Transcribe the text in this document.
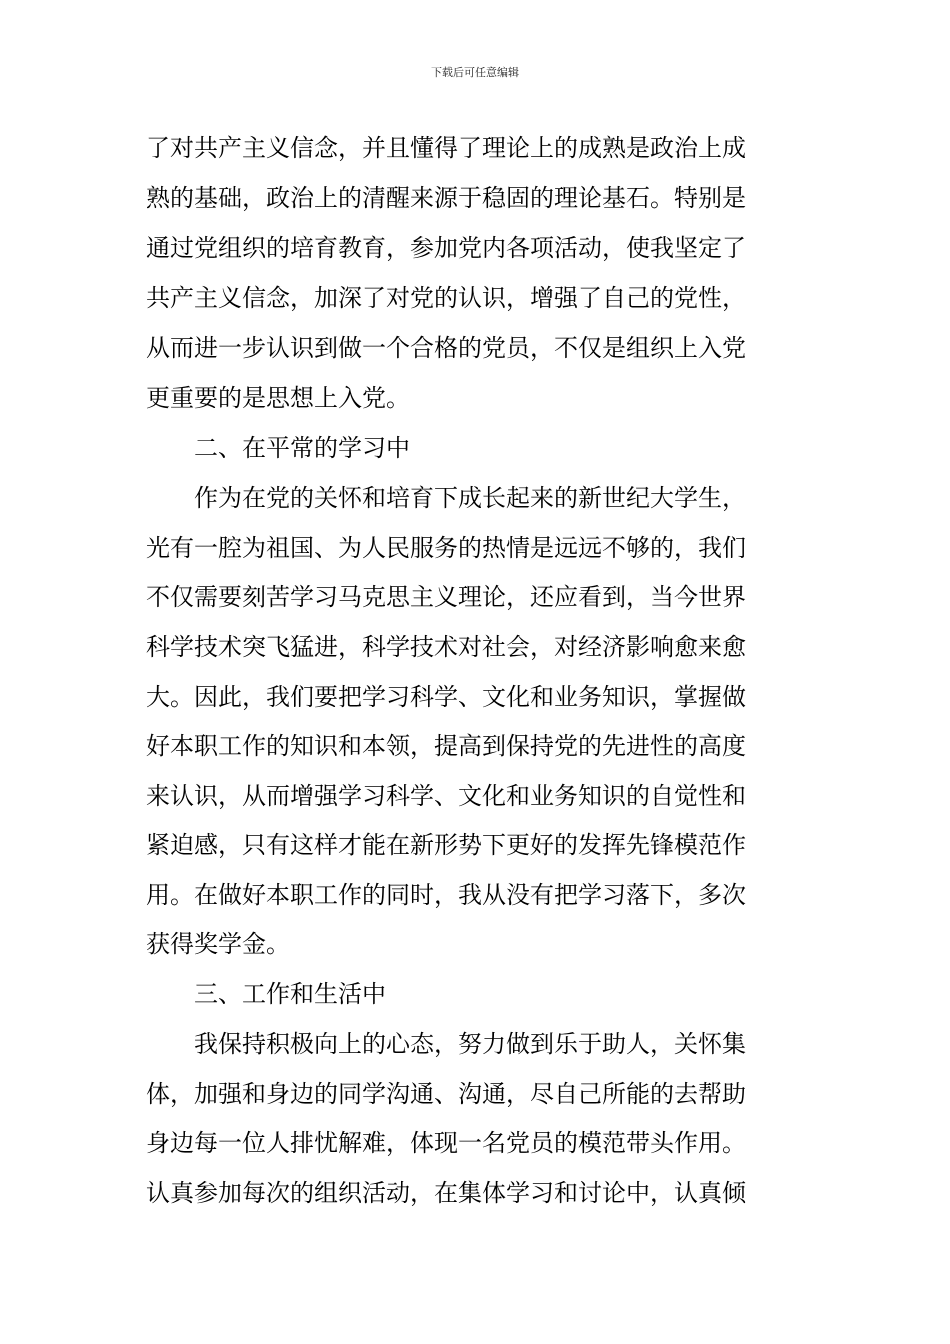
下载后可任意编辑
了对共产主义信念，并且懂得了理论上的成熟是政治上成
熟的基础，政治上的清醒来源于稳固的理论基石。特别是
通过党组织的培育教育，参加党内各项活动，使我坚定了
共产主义信念，加深了对党的认识，增强了自己的党性，
从而进一步认识到做一个合格的党员，不仅是组织上入党
更重要的是思想上入党。
　　二、在平常的学习中
　　作为在党的关怀和培育下成长起来的新世纪大学生，
光有一腔为祖国、为人民服务的热情是远远不够的，我们
不仅需要刻苦学习马克思主义理论，还应看到，当今世界
科学技术突飞猛进，科学技术对社会，对经济影响愈来愈
大。因此，我们要把学习科学、文化和业务知识，掌握做
好本职工作的知识和本领，提高到保持党的先进性的高度
来认识，从而增强学习科学、文化和业务知识的自觉性和
紧迫感，只有这样才能在新形势下更好的发挥先锋模范作
用。在做好本职工作的同时，我从没有把学习落下，多次
获得奖学金。
　　三、工作和生活中
　　我保持积极向上的心态，努力做到乐于助人，关怀集
体，加强和身边的同学沟通、沟通，尽自己所能的去帮助
身边每一位人排忧解难，体现一名党员的模范带头作用。
认真参加每次的组织活动，在集体学习和讨论中，认真倾
